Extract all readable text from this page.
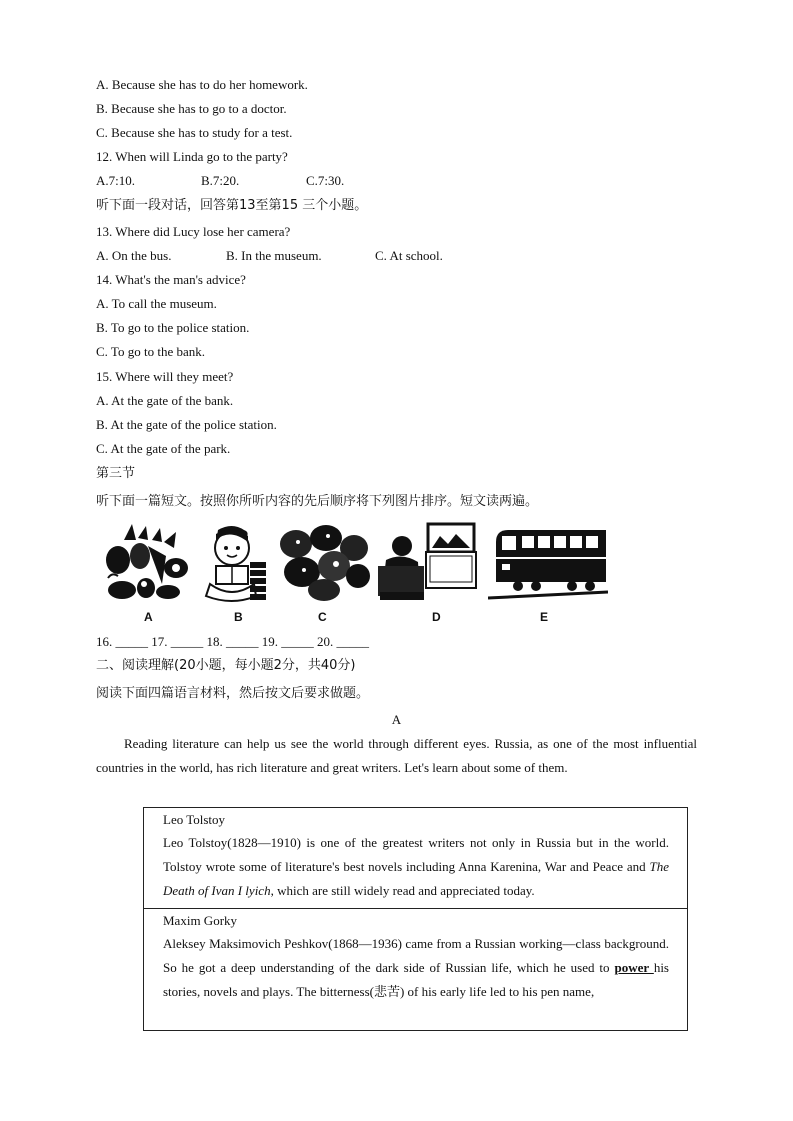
A. Because she has to do her homework.
B. Because she has to go to a doctor.
C. Because she has to study for a test.
12. When will Linda go to the party?
A.7:10.	B.7:20.	C.7:30.
听下面一段对话，回答第13至第15 三个小题。
13. Where did Lucy lose her camera?
A. On the bus.	B. In the museum.	C. At school.
14. What's the man's advice?
A. To call the museum.
B. To go to the police station.
C. To go to the bank.
15. Where will they meet?
A. At the gate of the bank.
B. At the gate of the police station.
C. At the gate of the park.
第三节
听下面一篇短文。按照你所听内容的先后顺序将下列图片排序。短文读两遍。
A	B	C	D	E
16. _____ 17. _____ 18. _____ 19. _____ 20. _____
二、阅读理解(20小题，每小题2分，共40分)
阅读下面四篇语言材料，然后按文后要求做题。
A
Reading literature can help us see the world through different eyes. Russia, as one of the most influential countries in the world, has rich literature and great writers. Let's learn about some of them.
Leo Tolstoy
Leo Tolstoy(1828—1910) is one of the greatest writers not only in Russia but in the world. Tolstoy wrote some of literature's best novels including Anna Karenina, War and Peace and The Death of Ivan I lyich, which are still widely read and appreciated today.
Maxim Gorky
Aleksey Maksimovich Peshkov(1868—1936) came from a Russian working—class background. So he got a deep understanding of the dark side of Russian life, which he used to power his stories, novels and plays. The bitterness(悲苦) of his early life led to his pen name,
